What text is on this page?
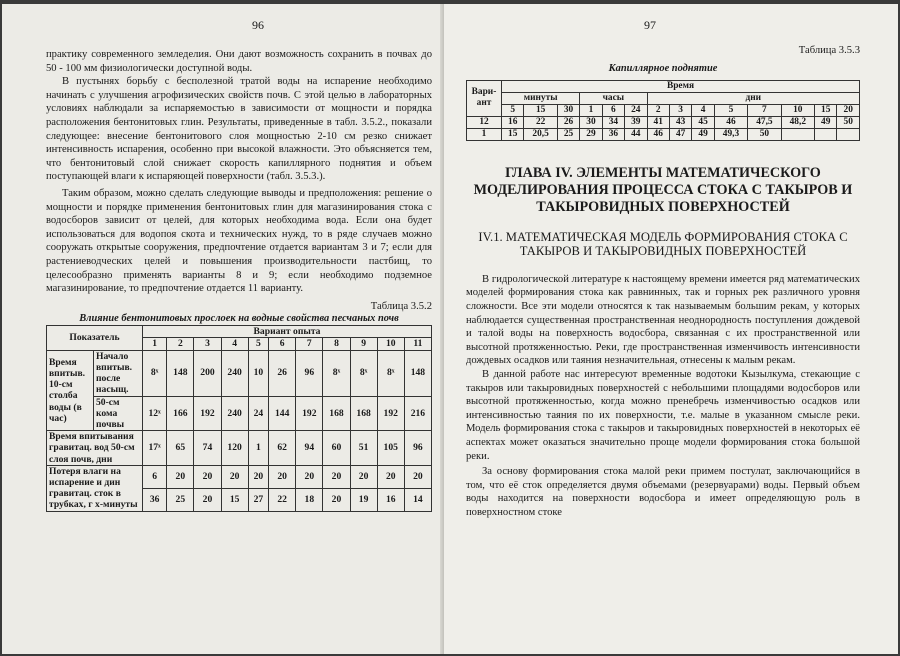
96

практику современного земледелия. Они дают возможность сохранить в почвах до 50 - 100 мм физиологически доступной воды.

В пустынях борьбу с бесполезной тратой воды на испарение необходимо начинать с улучшения агрофизических свойств почв. С этой целью в лабораторных условиях наблюдали за испаряемостью в зависимости от мощности и порядка расположения бентонитовых глин. Результаты, приведенные в табл. 3.5.2., показали следующее: внесение бентонитового слоя мощностью 2-10 см резко снижает интенсивность испарения, особенно при высокой влажности. Это объясняется тем, что бентонитовый слой снижает скорость капиллярного поднятия и объем поступающей влаги к испаряющей поверхности (табл. 3.5.3.).

Таким образом, можно сделать следующие выводы и предположения: решение о мощности и порядке применения бентонитовых глин для магазинирования стока с водосборов зависит от целей, для которых необходима вода. Если она будет использоваться для водопоя скота и технических нужд, то в ряде случаев можно сооружать открытые сооружения, предпочтение отдается вариантам 3 и 7; если для растениеводческих целей и повышения производительности пастбищ, то целесообразно применять варианты 8 и 9; если необходимо подземное магазинирование, то предпочтение отдается 11 варианту.

Таблица 3.5.2

Влияние бентонитовых прослоек на водные свойства песчаных почв

Показатель		Вариант опыта										
		1	2	3	4	5	6	7	8	9	10	11
Время впитыв. 10-см столба воды (в час)	Начало впитыв. после насыщ.	8ˣ	148	200	240	10	26	96	8ˣ	8ˣ	8ˣ	148
	50-см кома почвы	12ˣ	166	192	240	24	144	192	168	168	192	216
Время впитывания гравитац. вод 50-см слоя почв, дни		17ˣ	65	74	120	1	62	94	60	51	105	96
Потеря влаги на испарение и дин гравитац. сток в трубках, г х-минуты		6	20	20	20	20	20	20	20	20	20	20
		36	25	20	15	27	22	18	20	19	16	14
97

Таблица 3.5.3

Капиллярное поднятие

Вари-ант	Время													
	минуты			часы			дни							
	5	15	30	1	6	24	2	3	4	5	7	10	15	20
12	16	22	26	30	34	39	41	43	45	46	47,5	48,2	49	50
1	15	20,5	25	29	36	44	46	47	49	49,3	50			
ГЛАВА IV. ЭЛЕМЕНТЫ МАТЕМАТИЧЕСКОГО МОДЕЛИРОВАНИЯ ПРОЦЕССА СТОКА С ТАКЫРОВ И ТАКЫРОВИДНЫХ ПОВЕРХНОСТЕЙ
IV.1. МАТЕМАТИЧЕСКАЯ МОДЕЛЬ ФОРМИРОВАНИЯ СТОКА С ТАКЫРОВ И ТАКЫРОВИДНЫХ ПОВЕРХНОСТЕЙ

В гидрологической литературе к настоящему времени имеется ряд математических моделей формирования стока как равнинных, так и горных рек различного уровня сложности. Все эти модели относятся к так называемым большим рекам, у которых наблюдается существенная пространственная неоднородность поступления дождевой и талой воды на поверхность водосбора, связанная с их пространственной или высотной протяженностью. Реки, где пространственная изменчивость интенсивности дождевых осадков или таяния незначительная, отнесены к малым рекам.

В данной работе нас интересуют временные водотоки Кызылкума, стекающие с такыров или такыровидных поверхностей с небольшими площадями водосборов или высотной протяженностью, когда можно пренебречь изменчивостью осадков или интенсивностью таяния по их поверхности, т.е. малые в указанном смысле реки. Модель формирования стока с такыров и такыровидных поверхностей в некоторых её аспектах может оказаться значительно проще модели формирования стока большой реки.

За основу формирования стока малой реки примем постулат, заключающийся в том, что её сток определяется двумя объемами (резервуарами) воды. Первый объем воды находится на поверхности водосбора и имеет определяющую роль в поверхностном стоке
